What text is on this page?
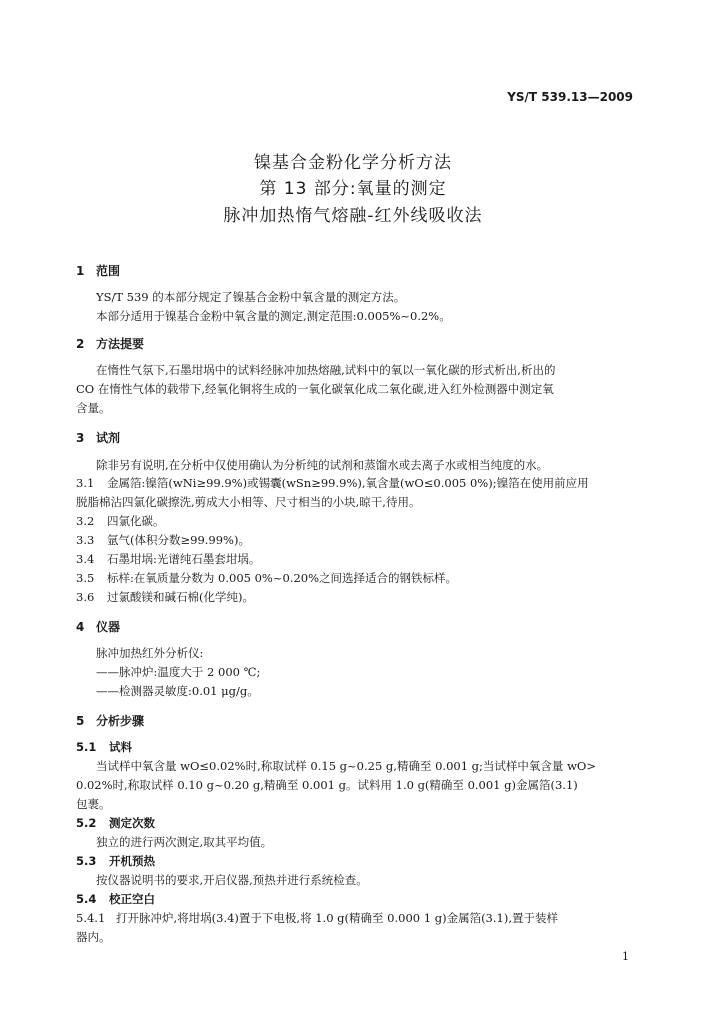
YS/T 539.13—2009
镍基合金粉化学分析方法
第 13 部分:氧量的测定
脉冲加热惰气熔融-红外线吸收法
1 范围
YS/T 539 的本部分规定了镍基合金粉中氧含量的测定方法。
本部分适用于镍基合金粉中氧含量的测定,测定范围:0.005%~0.2%。
2 方法提要
在惰性气氛下,石墨坩埚中的试料经脉冲加热熔融,试料中的氧以一氧化碳的形式析出,析出的
CO 在惰性气体的载带下,经氧化铜将生成的一氧化碳氧化成二氧化碳,进入红外检测器中测定氧
含量。
3 试剂
除非另有说明,在分析中仅使用确认为分析纯的试剂和蒸馏水或去离子水或相当纯度的水。
3.1 金属箔:镍箔(wNi≥99.9%)或锡囊(wSn≥99.9%),氧含量(wO≤0.005 0%);镍箔在使用前应用
脱脂棉沾四氯化碳擦洗,剪成大小相等、尺寸相当的小块,晾干,待用。
3.2 四氯化碳。
3.3 氩气(体积分数≥99.99%)。
3.4 石墨坩埚:光谱纯石墨套坩埚。
3.5 标样:在氧质量分数为 0.005 0%~0.20%之间选择适合的钢铁标样。
3.6 过氯酸镁和碱石棉(化学纯)。
4 仪器
脉冲加热红外分析仪:
——脉冲炉:温度大于 2 000 ℃;
——检测器灵敏度:0.01 μg/g。
5 分析步骤
5.1 试料
当试样中氧含量 wO≤0.02%时,称取试样 0.15 g~0.25 g,精确至 0.001 g;当试样中氧含量 wO>
0.02%时,称取试样 0.10 g~0.20 g,精确至 0.001 g。试料用 1.0 g(精确至 0.001 g)金属箔(3.1)
包裹。
5.2 测定次数
独立的进行两次测定,取其平均值。
5.3 开机预热
按仪器说明书的要求,开启仪器,预热并进行系统检查。
5.4 校正空白
5.4.1 打开脉冲炉,将坩埚(3.4)置于下电极,将 1.0 g(精确至 0.000 1 g)金属箔(3.1),置于装样
器内。
1
